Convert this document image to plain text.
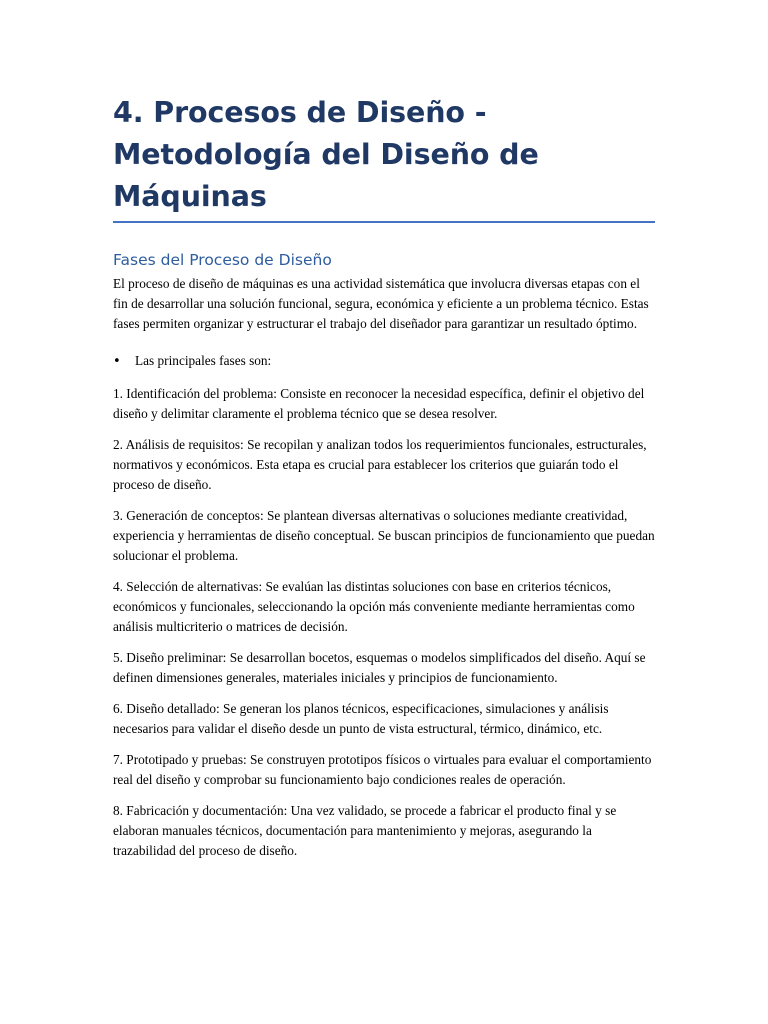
4. Procesos de Diseño - Metodología del Diseño de Máquinas
Fases del Proceso de Diseño

El proceso de diseño de máquinas es una actividad sistemática que involucra diversas etapas con el fin de desarrollar una solución funcional, segura, económica y eficiente a un problema técnico. Estas fases permiten organizar y estructurar el trabajo del diseñador para garantizar un resultado óptimo.

•	Las principales fases son:

1. Identificación del problema: Consiste en reconocer la necesidad específica, definir el objetivo del diseño y delimitar claramente el problema técnico que se desea resolver.

2. Análisis de requisitos: Se recopilan y analizan todos los requerimientos funcionales, estructurales, normativos y económicos. Esta etapa es crucial para establecer los criterios que guiarán todo el proceso de diseño.

3. Generación de conceptos: Se plantean diversas alternativas o soluciones mediante creatividad, experiencia y herramientas de diseño conceptual. Se buscan principios de funcionamiento que puedan solucionar el problema.

4. Selección de alternativas: Se evalúan las distintas soluciones con base en criterios técnicos, económicos y funcionales, seleccionando la opción más conveniente mediante herramientas como análisis multicriterio o matrices de decisión.

5. Diseño preliminar: Se desarrollan bocetos, esquemas o modelos simplificados del diseño. Aquí se definen dimensiones generales, materiales iniciales y principios de funcionamiento.

6. Diseño detallado: Se generan los planos técnicos, especificaciones, simulaciones y análisis necesarios para validar el diseño desde un punto de vista estructural, térmico, dinámico, etc.

7. Prototipado y pruebas: Se construyen prototipos físicos o virtuales para evaluar el comportamiento real del diseño y comprobar su funcionamiento bajo condiciones reales de operación.

8. Fabricación y documentación: Una vez validado, se procede a fabricar el producto final y se elaboran manuales técnicos, documentación para mantenimiento y mejoras, asegurando la trazabilidad del proceso de diseño.
